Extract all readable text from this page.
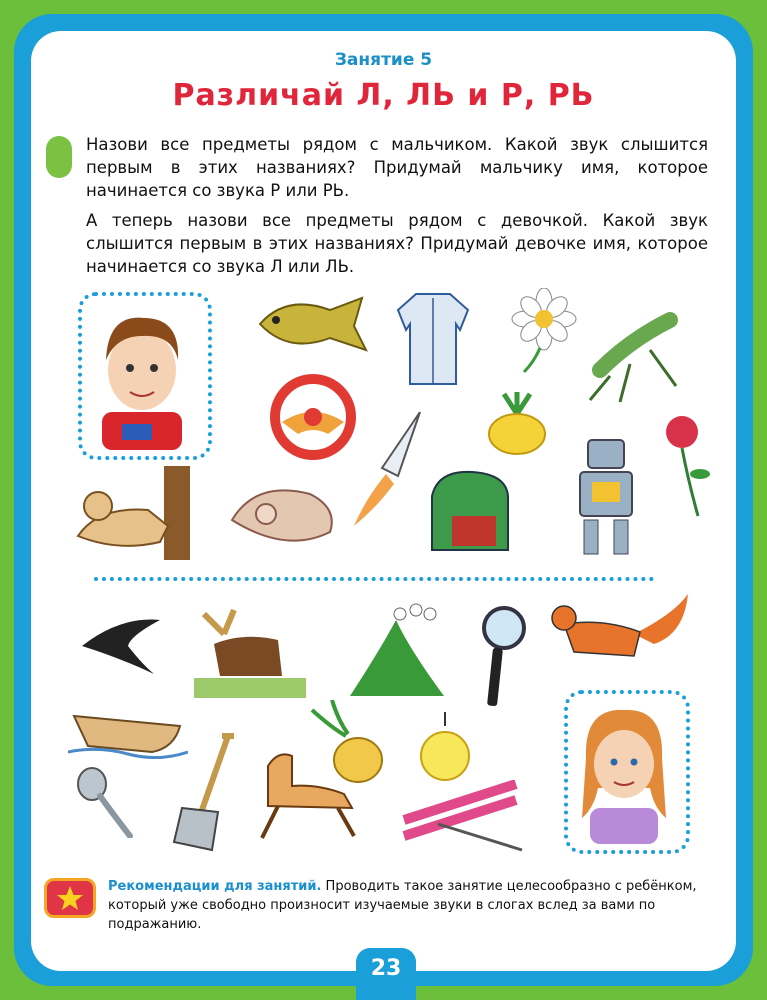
Занятие 5
Различай Л, ЛЬ и Р, РЬ
Назови все предметы рядом с мальчиком. Какой звук слышится первым в этих названиях? Придумай мальчику имя, которое начинается со звука Р или РЬ.
А теперь назови все предметы рядом с девочкой. Какой звук слышится первым в этих названиях? Придумай девочке имя, которое начинается со звука Л или ЛЬ.
Рекомендации для занятий. Проводить такое занятие целесообразно с ребёнком, который уже свободно произносит изучаемые звуки в слогах вслед за вами по подражанию.
23
